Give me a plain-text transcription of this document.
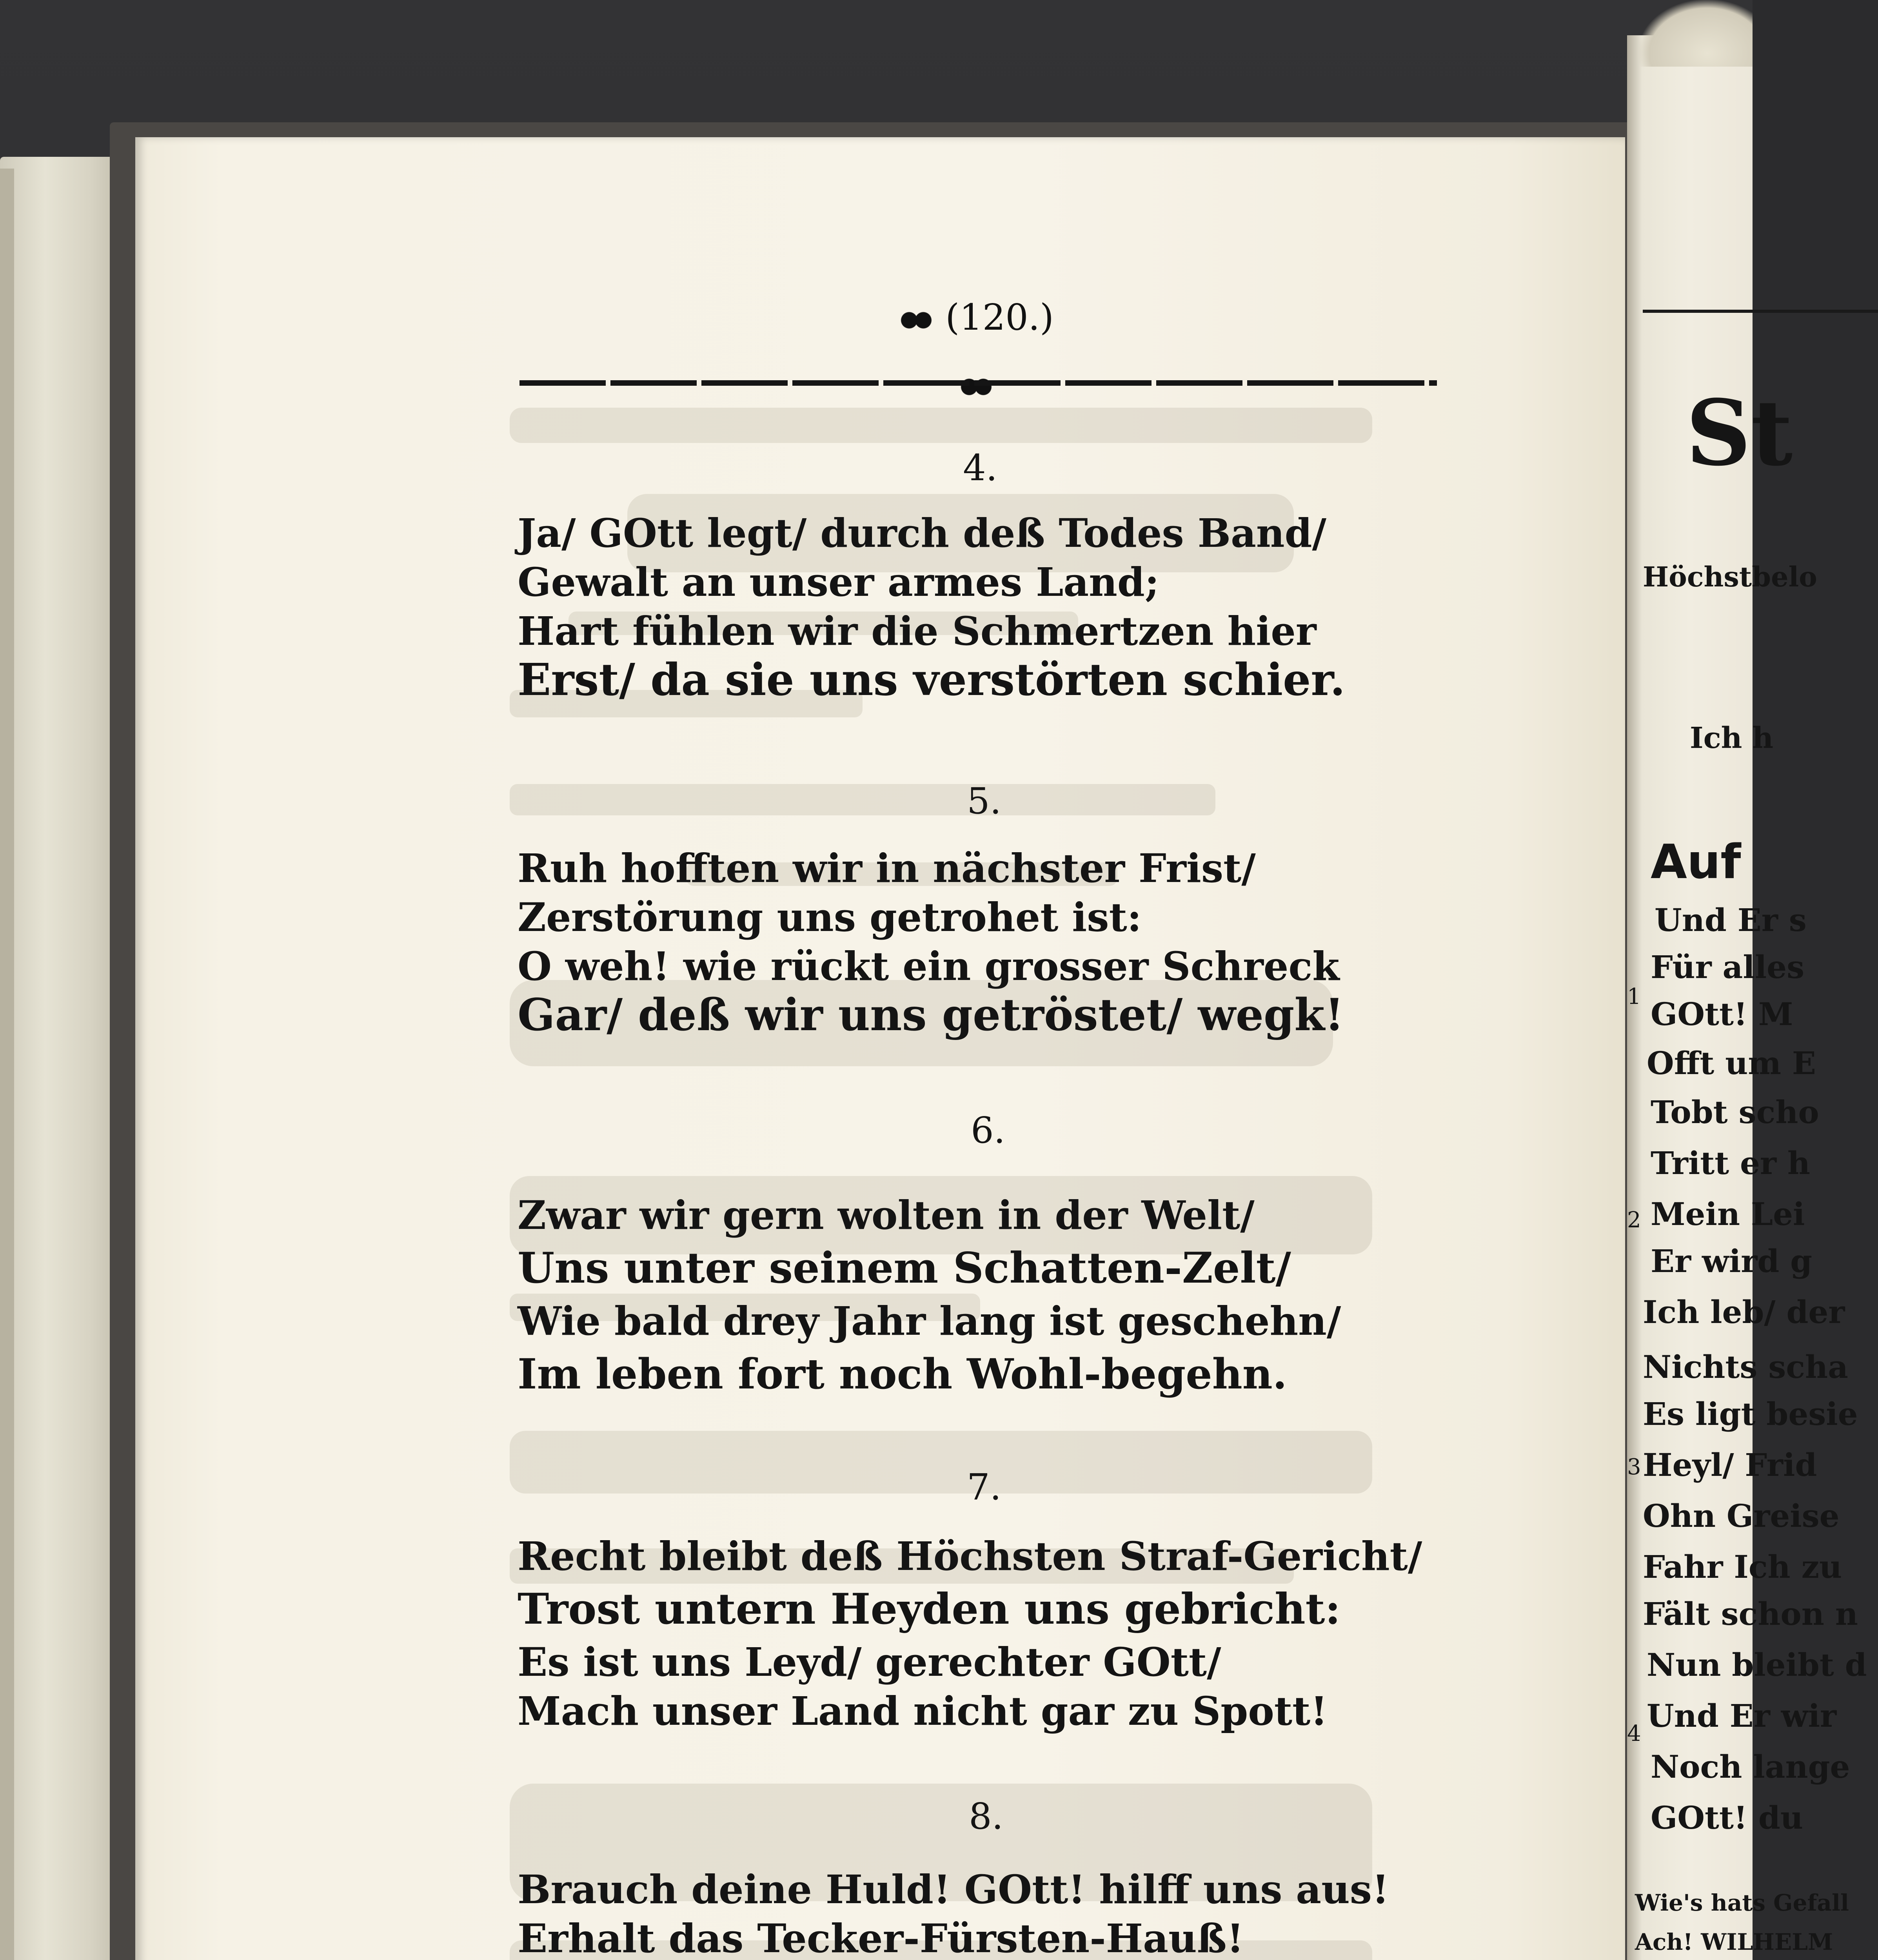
(120.)
4.
Ja/ GOtt legt/ durch deß Todes Band/
Gewalt an unser armes Land;
Hart fühlen wir die Schmertzen hier
Erst/ da sie uns verstörten schier.
5.
Ruh hofften wir in nächster Frist/
Zerstörung uns getrohet ist:
O weh! wie rückt ein grosser Schreck
Gar/ deß wir uns getröstet/ wegk!
6.
Zwar wir gern wolten in der Welt/
Uns unter seinem Schatten-Zelt/
Wie bald drey Jahr lang ist geschehn/
Im leben fort noch Wohl-begehn.
7.
Recht bleibt deß Höchsten Straf-Gericht/
Trost untern Heyden uns gebricht:
Es ist uns Leyd/ gerechter GOtt/
Mach unser Land nicht gar zu Spott!
8.
Brauch deine Huld! GOtt! hilff uns aus!
Erhalt das Tecker-Fürsten-Hauß!
St
Höchstbelo
Ich h
Auf
Und Er s
Für alles
GOtt! M
Offt um E
Tobt scho
Tritt er h
Mein Lei
Er wird g
Ich leb/ der
Nichts scha
Es ligt besie
Heyl/ Frid
Ohn Greise
Fahr Ich zu
Fält schon n
Nun bleibt d
Und Er wir
Noch lange
GOtt! du
1
2
3
4
Wie's hats Gefall
Ach! WILHELM
